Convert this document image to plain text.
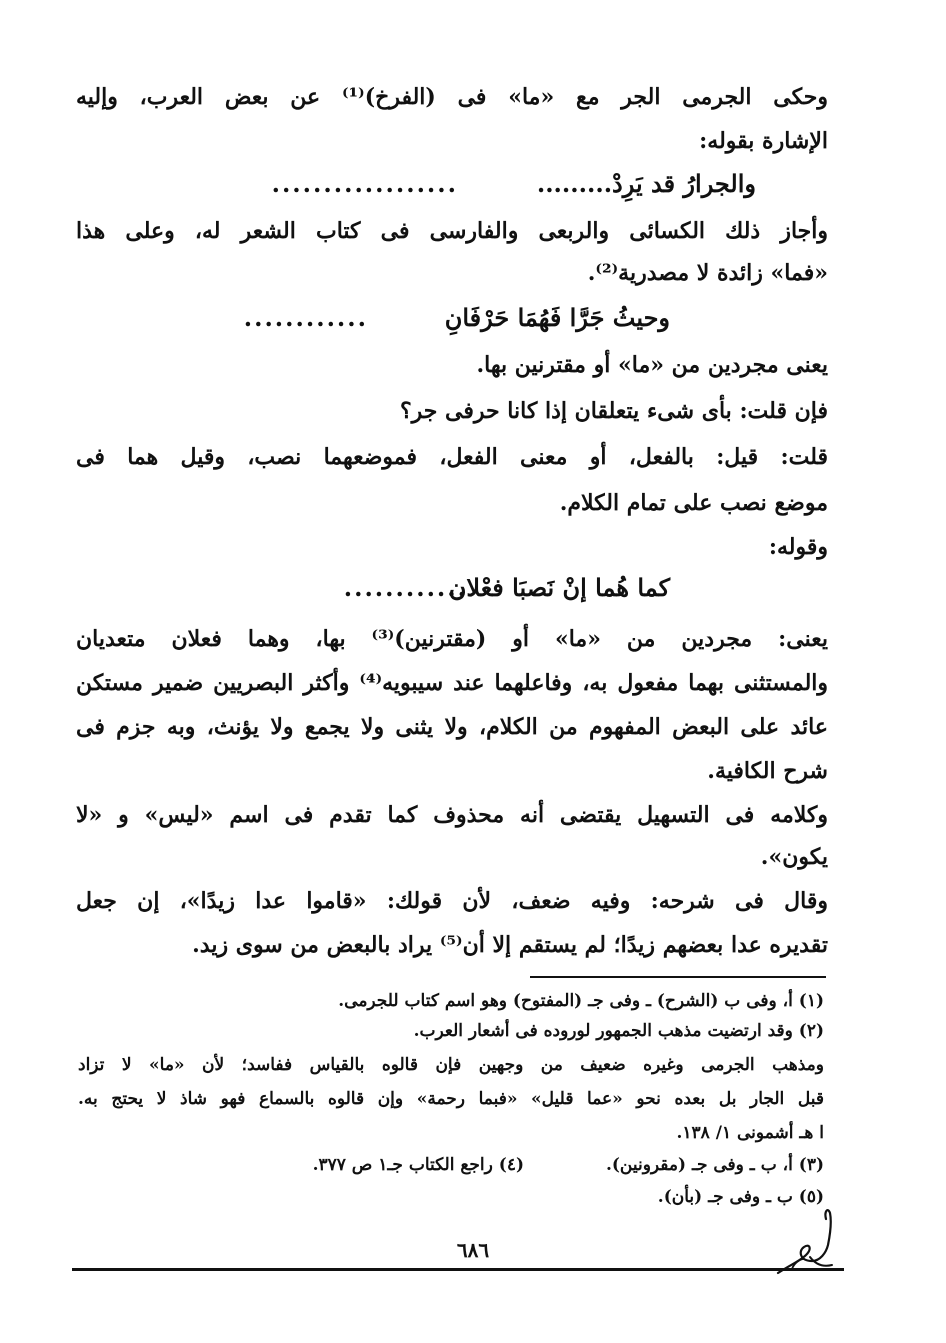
وحكى الجرمى الجر مع «ما» فى (الفرخ)⁽¹⁾ عن بعض العرب، وإليه
الإشارة بقوله:
والجرارُ قد يَرِدْ.........
..................
وأجاز ذلك الكسائى والربعى والفارسى فى كتاب الشعر له، وعلى هذا
«فما» زائدة لا مصدرية⁽²⁾.
وحيثُ جَرَّا فَهُمَا حَرْفَانِ
............
يعنى مجردين من «ما» أو مقترنين بها.
فإن قلت: بأى شىء يتعلقان إذا كانا حرفى جر؟
قلت: قيل: بالفعل، أو معنى الفعل، فموضعهما نصب، وقيل هما فى
موضع نصب على تمام الكلام.
وقوله:
كما هُما إنْ نَصبَا فعْلان
............
يعنى: مجردين من «ما» أو (مقترنين)⁽³⁾ بها، وهما فعلان متعديان
والمستثنى بهما مفعول به، وفاعلهما عند سيبويه⁽⁴⁾ وأكثر البصريين ضمير مستكن
عائد على البعض المفهوم من الكلام، ولا يثنى ولا يجمع ولا يؤنث، وبه جزم فى
شرح الكافية.
وكلامه فى التسهيل يقتضى أنه محذوف كما تقدم فى اسم «ليس» و «لا
يكون».
وقال فى شرحه: وفيه ضعف، لأن قولك: «قاموا عدا زيدًا»، إن جعل
تقديره عدا بعضهم زيدًا؛ لم يستقم إلا أن⁽⁵⁾ يراد بالبعض من سوى زيد.
(١) أ، وفى ب (الشرح) ـ وفى جـ (المفتوح) وهو اسم كتاب للجرمى.
(٢) وقد ارتضيت مذهب الجمهور لوروده فى أشعار العرب.
ومذهب الجرمى وغيره ضعيف من وجهين فإن قالوه بالقياس ففاسد؛ لأن «ما» لا تزاد
قبل الجار بل بعده نحو «عما قليل» «فبما رحمة» وإن قالوه بالسماع فهو شاذ لا يحتج به.
ا هـ أشمونى ١/ ١٣٨.
(٣) أ، ب ـ وفى جـ (مقرونين).
(٤) راجع الكتاب جـ١ ص ٣٧٧.
(٥) ب ـ وفى جـ (بأن).
٦٨٦
